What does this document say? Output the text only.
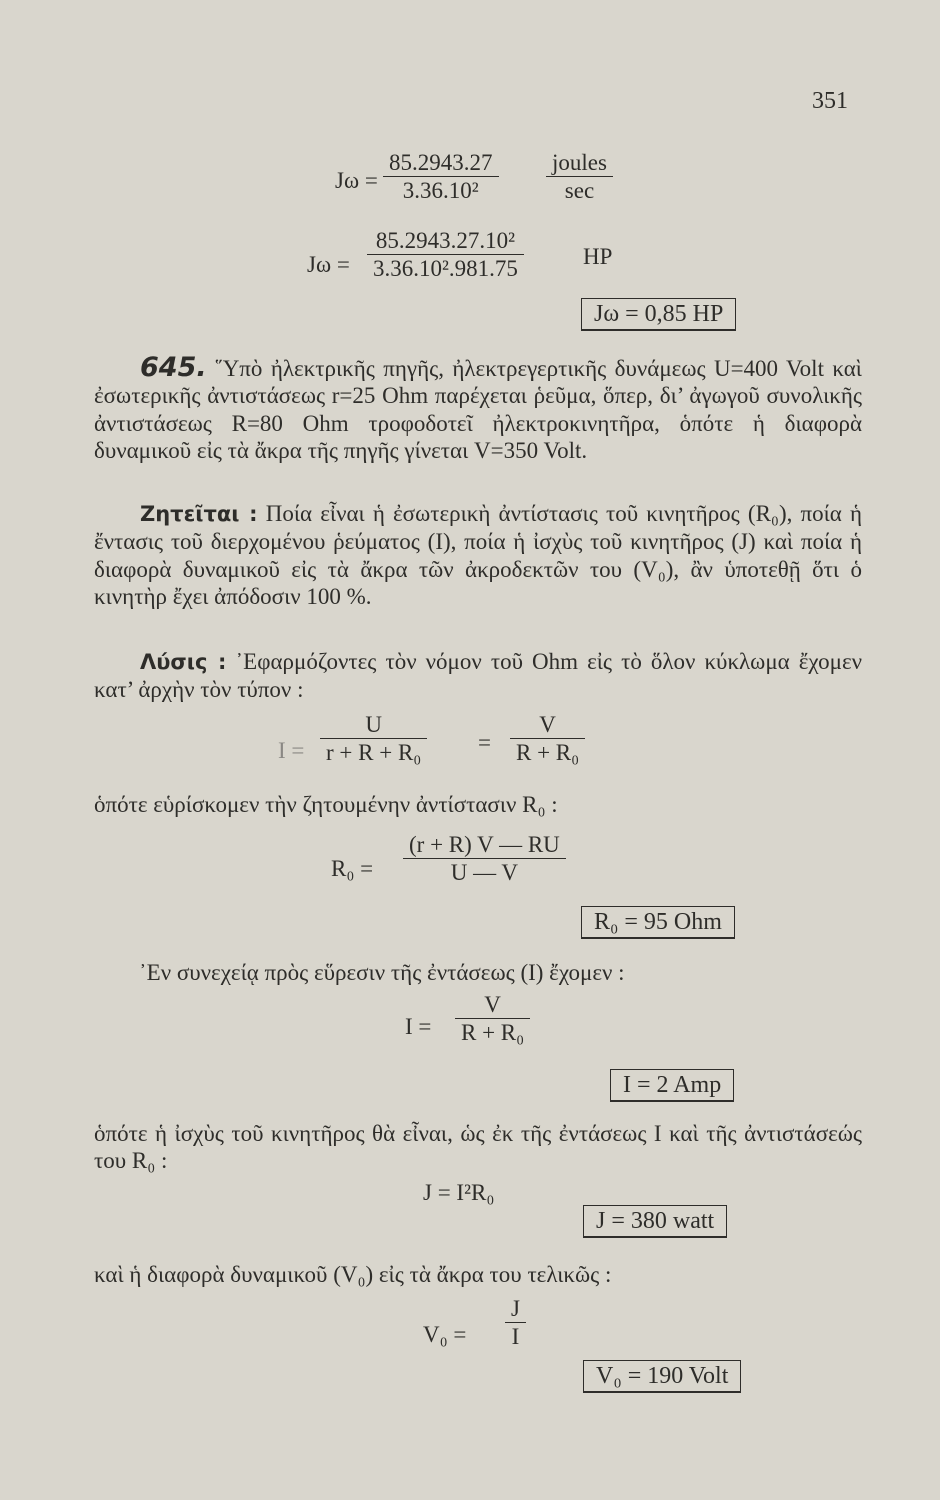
351
Jω =
85.2943.27
3.36.10²
joules
sec
Jω =
85.2943.27.10²
3.36.10².981.75	HP
Jω = 0,85 HP
645. ῞Yπὸ ἠλεκτρικῆς πηγῆς, ἠλεκτρεγερτικῆς δυνάμεως U=400 Volt καὶ ἐσωτερικῆς ἀντιστάσεως r=25 Ohm παρέχεται ῥεῦμα, ὅπερ, δι’ ἀγωγοῦ συνολικῆς ἀντιστάσεως R=80 Ohm τροφοδοτεῖ ἠλεκτροκινητῆρα, ὁπότε ἡ διαφορὰ δυναμικοῦ εἰς τὰ ἄκρα τῆς πηγῆς γίνεται V=350 Volt.
Ζητεῖται : Ποία εἶναι ἡ ἐσωτερικὴ ἀντίστασις τοῦ κινητῆρος (R₀), ποία ἡ ἔντασις τοῦ διερχομένου ῥεύματος (I), ποία ἡ ἰσχὺς τοῦ κινητῆρος (J) καὶ ποία ἡ διαφορὰ δυναμικοῦ εἰς τὰ ἄκρα τῶν ἀκροδεκτῶν του (V₀), ἂν ὑποτεθῇ ὅτι ὁ κινητὴρ ἔχει ἀπόδοσιν 100 %.
Λύσις : ᾿Εφαρμόζοντες τὸν νόμον τοῦ Ohm εἰς τὸ ὅλον κύκλωμα ἔχομεν κατ’ ἀρχὴν τὸν τύπον :
I =
U
r + R + R₀ =
V
R + R₀
ὁπότε εὑρίσκομεν τὴν ζητουμένην ἀντίστασιν R₀ :
R₀ =
(r + R) V — RU
U — V
R₀ = 95 Ohm
᾿Εν συνεχείᾳ πρὸς εὕρεσιν τῆς ἐντάσεως (I) ἔχομεν :
I =
V
R + R₀
I = 2 Amp
ὁπότε ἡ ἰσχὺς τοῦ κινητῆρος θὰ εἶναι, ὡς ἐκ τῆς ἐντάσεως I καὶ τῆς ἀντιστάσεώς του R₀ :
J = I²R₀
J = 380 watt
καὶ ἡ διαφορὰ δυναμικοῦ (V₀) εἰς τὰ ἄκρα του τελικῶς :
V₀ =
J
I
V₀ = 190 Volt
